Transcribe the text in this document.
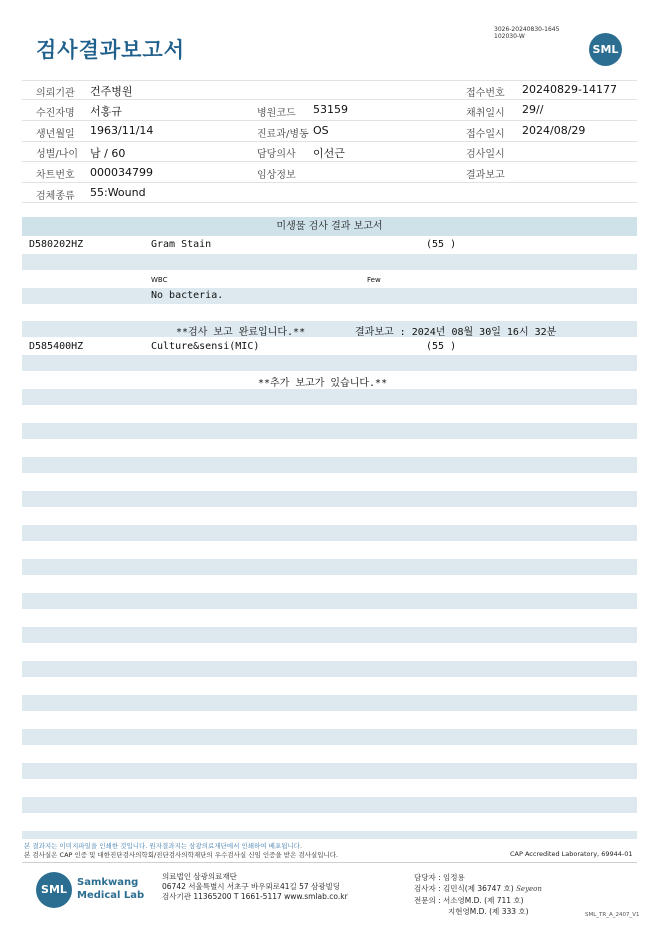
검사결과보고서
3026-20240830-1645
102030-W
SML
의뢰기관 건주병원	접수번호 20240829-14177
수진자명 서홍규	병원코드 53159	채취일시 29//
생년월일 1963/11/14	진료과/병동 OS	접수일시 2024/08/29
성별/나이 남 / 60	담당의사 이선근	검사일시
차트번호 000034799	임상정보	결과보고
검체종류 55:Wound
미생물 검사 결과 보고서
D580202HZ	Gram Stain	(55 )
WBC	Few
No bacteria.
**검사 보고 완료입니다.**	결과보고 : 2024년 08월 30일 16시 32분
D585400HZ	Culture&sensi(MIC)	(55 )
**추가 보고가 있습니다.**
본 결과지는 이미지파일을 인쇄한 것입니다. 원자결과지는 삼광의료재단에서 인쇄하여 배포됩니다.
본 검사실은 CAP 인증 및 대한진단검사의학회/진단검사의학재단의 우수검사실 신임 인증을 받은 검사실입니다.	CAP Accredited Laboratory, 69944-01
SML
Samkwang
Medical Lab
의료법인 삼광의료재단
06742 서울특별시 서초구 바우뫼로41길 57 삼광빌딩
검사기관 11365200 T 1661-5117 www.smlab.co.kr
담당자 : 임정용
검사자 : 김민식(제 36747 호) Seyeon
전문의 : 서소영M.D. (제 711 호)
지현영M.D. (제 333 호)	SML_TR_A_2407_V1
